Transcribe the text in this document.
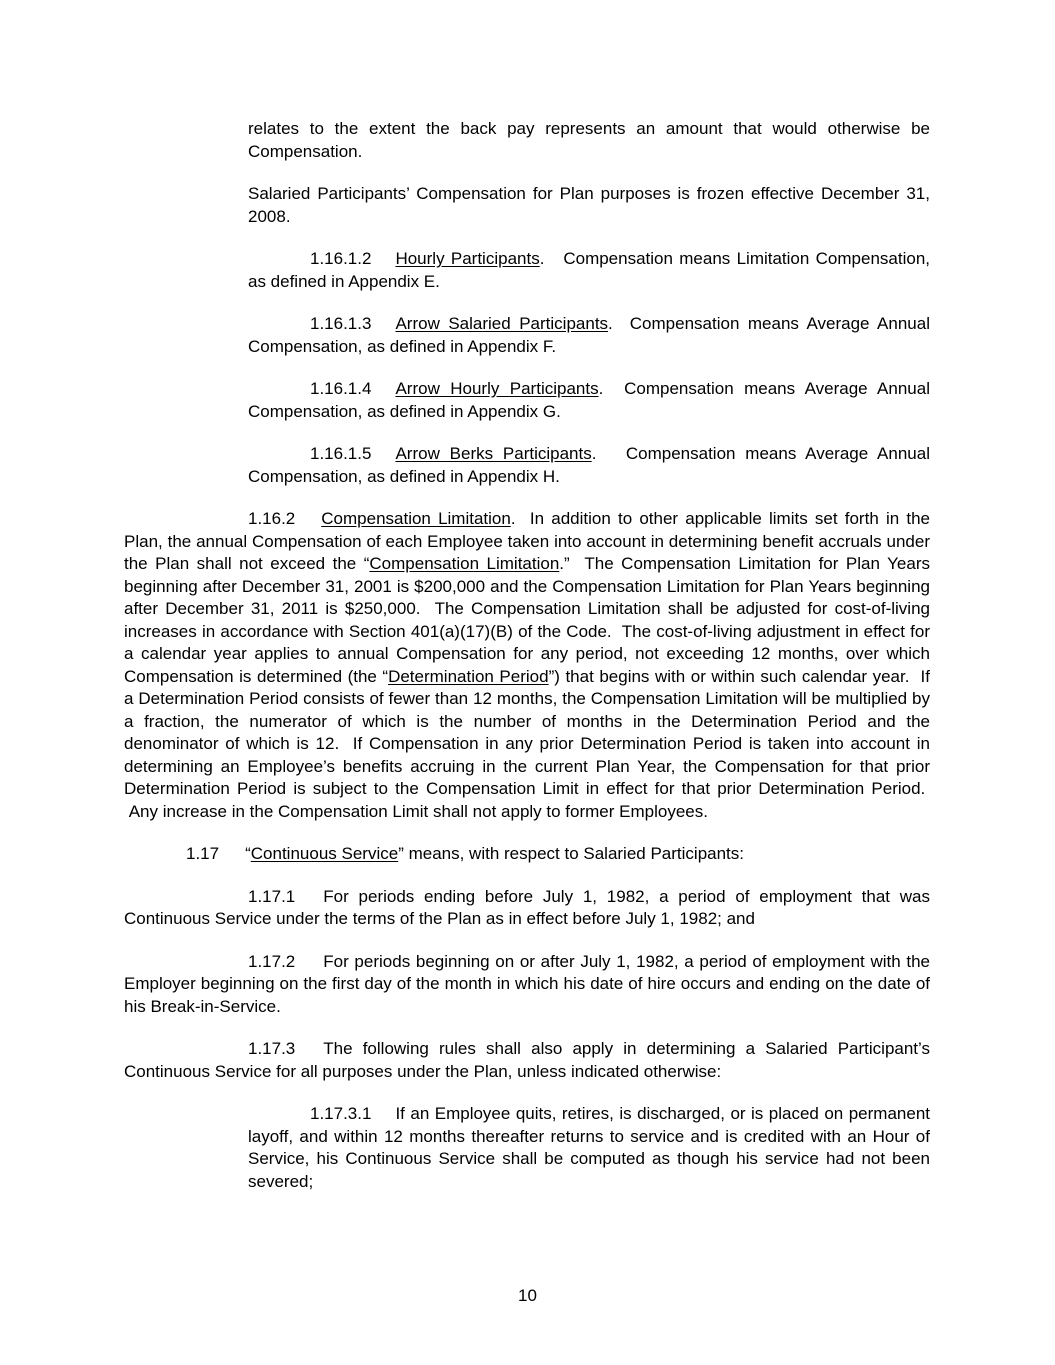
relates to the extent the back pay represents an amount that would otherwise be Compensation.

Salaried Participants’ Compensation for Plan purposes is frozen effective December 31, 2008.

1.16.1.2 Hourly Participants.   Compensation means Limitation Compensation, as defined in Appendix E.

1.16.1.3 Arrow Salaried Participants.  Compensation means Average Annual Compensation, as defined in Appendix F.

1.16.1.4 Arrow Hourly Participants.  Compensation means Average Annual Compensation, as defined in Appendix G.

1.16.1.5 Arrow Berks Participants.   Compensation means Average Annual Compensation, as defined in Appendix H.

1.16.2 Compensation Limitation.  In addition to other applicable limits set forth in the Plan, the annual Compensation of each Employee taken into account in determining benefit accruals under the Plan shall not exceed the “Compensation Limitation.”  The Compensation Limitation for Plan Years beginning after December 31, 2001 is $200,000 and the Compensation Limitation for Plan Years beginning after December 31, 2011 is $250,000.  The Compensation Limitation shall be adjusted for cost-of-living increases in accordance with Section 401(a)(17)(B) of the Code.  The cost-of-living adjustment in effect for a calendar year applies to annual Compensation for any period, not exceeding 12 months, over which Compensation is determined (the “Determination Period”) that begins with or within such calendar year.  If a Determination Period consists of fewer than 12 months, the Compensation Limitation will be multiplied by a fraction, the numerator of which is the number of months in the Determination Period and the denominator of which is 12.  If Compensation in any prior Determination Period is taken into account in determining an Employee’s benefits accruing in the current Plan Year, the Compensation for that prior Determination Period is subject to the Compensation Limit in effect for that prior Determination Period.   Any increase in the Compensation Limit shall not apply to former Employees.

1.17 “Continuous Service” means, with respect to Salaried Participants:

1.17.1 For periods ending before July 1, 1982, a period of employment that was Continuous Service under the terms of the Plan as in effect before July 1, 1982; and

1.17.2 For periods beginning on or after July 1, 1982, a period of employment with the Employer beginning on the first day of the month in which his date of hire occurs and ending on the date of his Break-in-Service.

1.17.3 The following rules shall also apply in determining a Salaried Participant’s Continuous Service for all purposes under the Plan, unless indicated otherwise:

1.17.3.1 If an Employee quits, retires, is discharged, or is placed on permanent layoff, and within 12 months thereafter returns to service and is credited with an Hour of Service, his Continuous Service shall be computed as though his service had not been severed;

10
